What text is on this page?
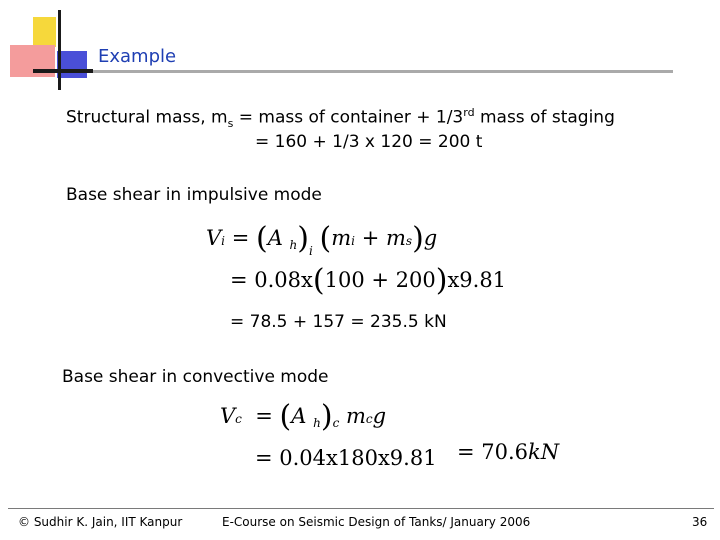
Example
Structural mass, $m_s$ = mass of container + 1/3rd mass of staging
= 160 + 1/3 x 120 = 200 t
Base shear in impulsive mode
Vi = (A $h)_i$ (mi + ms)g
= 0.08x(100 + 200)x9.81
= 78.5 + 157 = 235.5 kN
Base shear in convective mode
Vc  = (A h)c mcg
= 0.04x180x9.81 = 70.6kN
© Sudhir K. Jain, IIT Kanpur	E-Course on Seismic Design of Tanks/ January 2006	36
